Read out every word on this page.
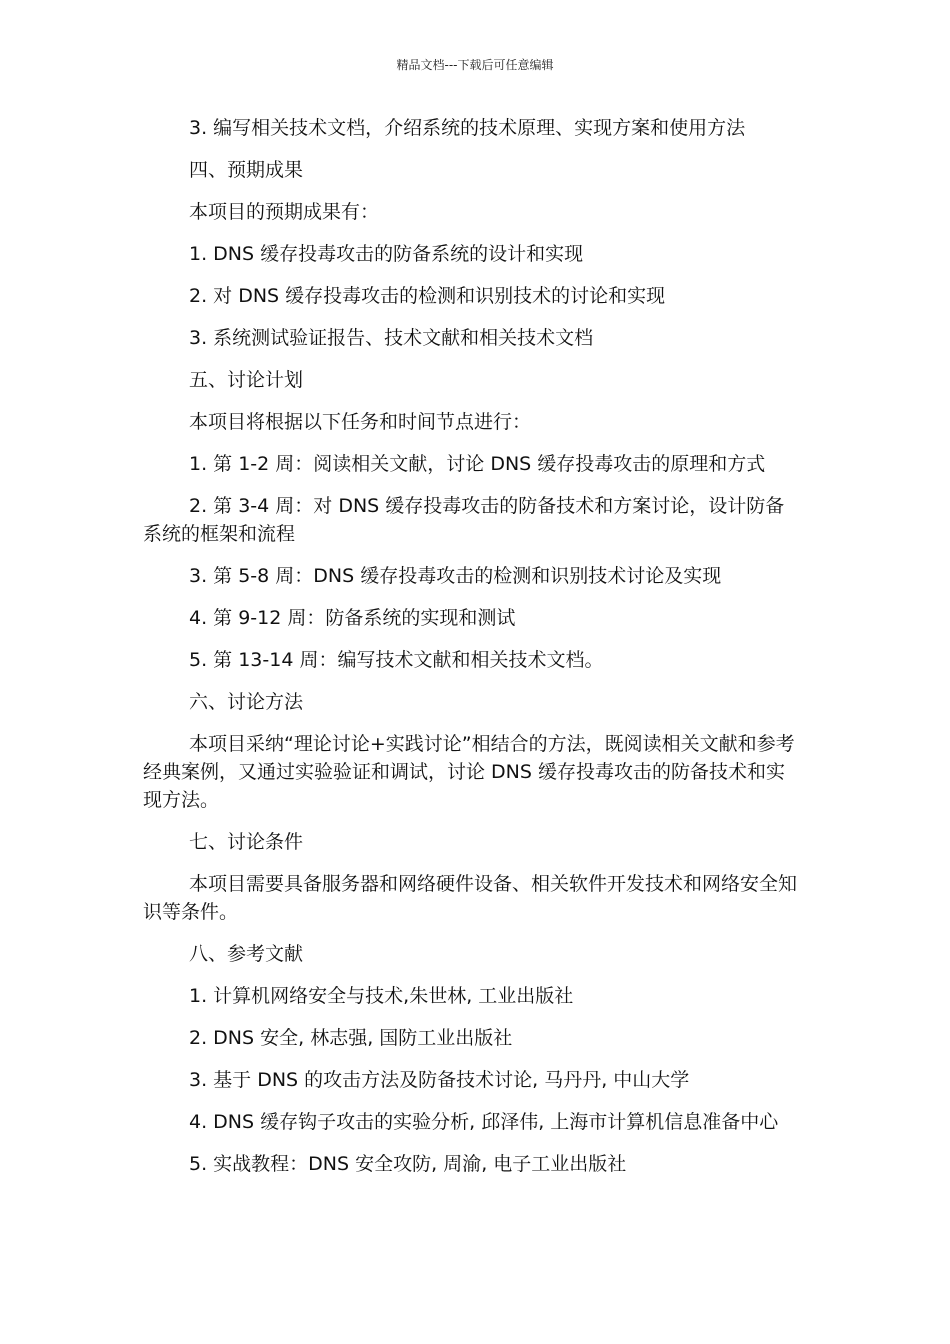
精品文档---下载后可任意编辑

3. 编写相关技术文档，介绍系统的技术原理、实现方案和使用方法

四、预期成果

本项目的预期成果有：

1. DNS 缓存投毒攻击的防备系统的设计和实现

2. 对 DNS 缓存投毒攻击的检测和识别技术的讨论和实现

3. 系统测试验证报告、技术文献和相关技术文档

五、讨论计划

本项目将根据以下任务和时间节点进行：

1. 第 1-2 周：阅读相关文献，讨论 DNS 缓存投毒攻击的原理和方式

2. 第 3-4 周：对 DNS 缓存投毒攻击的防备技术和方案讨论，设计防备系统的框架和流程

3. 第 5-8 周：DNS 缓存投毒攻击的检测和识别技术讨论及实现

4. 第 9-12 周：防备系统的实现和测试

5. 第 13-14 周：编写技术文献和相关技术文档。

六、讨论方法

本项目采纳“理论讨论+实践讨论”相结合的方法，既阅读相关文献和参考经典案例，又通过实验验证和调试，讨论 DNS 缓存投毒攻击的防备技术和实现方法。

七、讨论条件

本项目需要具备服务器和网络硬件设备、相关软件开发技术和网络安全知识等条件。

八、参考文献

1. 计算机网络安全与技术,朱世林, 工业出版社

2. DNS 安全, 林志强, 国防工业出版社

3. 基于 DNS 的攻击方法及防备技术讨论, 马丹丹, 中山大学

4. DNS 缓存钩子攻击的实验分析, 邱泽伟, 上海市计算机信息准备中心

5. 实战教程：DNS 安全攻防, 周渝, 电子工业出版社
